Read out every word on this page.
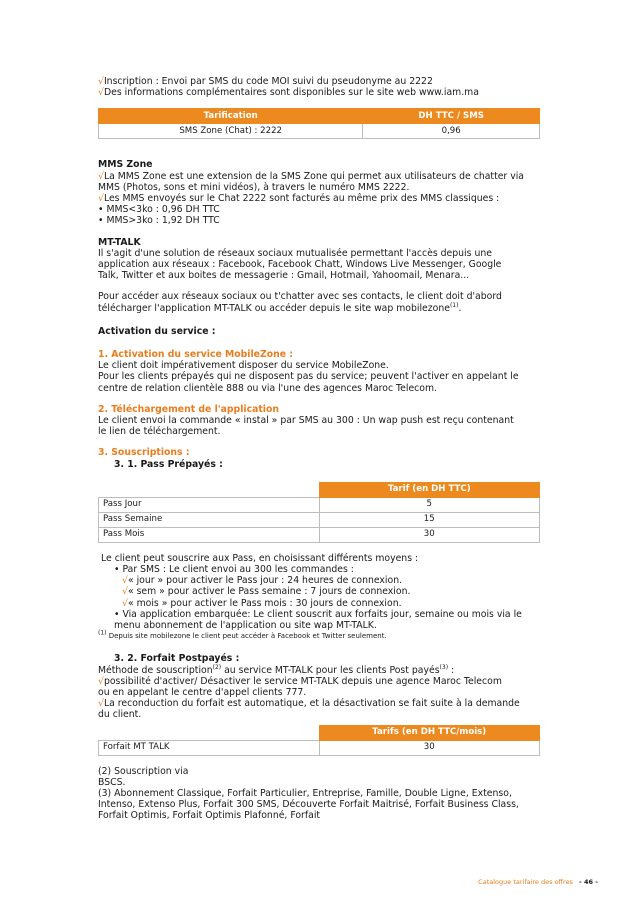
√Inscription : Envoi par SMS du code MOI suivi du pseudonyme au 2222
√Des informations complémentaires sont disponibles sur le site web www.iam.ma
Tarification	DH TTC / SMS
SMS Zone (Chat) : 2222	0,96
MMS Zone
√La MMS Zone est une extension de la SMS Zone qui permet aux utilisateurs de chatter via
MMS (Photos, sons et mini vidéos), à travers le numéro MMS 2222.
√Les MMS envoyés sur le Chat 2222 sont facturés au même prix des MMS classiques :
• MMS<3ko : 0,96 DH TTC
• MMS>3ko : 1,92 DH TTC
MT-TALK
Il s'agit d'une solution de réseaux sociaux mutualisée permettant l'accès depuis une
application aux réseaux : Facebook, Facebook Chatt, Windows Live Messenger, Google
Talk, Twitter et aux boites de messagerie : Gmail, Hotmail, Yahoomail, Menara...
Pour accéder aux réseaux sociaux ou t'chatter avec ses contacts, le client doit d'abord
télécharger l'application MT-TALK ou accéder depuis le site wap mobilezone$^{(1)}$.
Activation du service :
1. Activation du service MobileZone :
Le client doit impérativement disposer du service MobileZone.
Pour les clients prépayés qui ne disposent pas du service; peuvent l'activer en appelant le
centre de relation clientèle 888 ou via l'une des agences Maroc Telecom.
2. Téléchargement de l'application
Le client envoi la commande « instal » par SMS au 300 : Un wap push est reçu contenant
le lien de téléchargement.
3. Souscriptions :
3. 1. Pass Prépayés :
	Tarif (en DH TTC)
Pass Jour	5
Pass Semaine	15
Pass Mois	30
Le client peut souscrire aux Pass, en choisissant différents moyens :
• Par SMS : Le client envoi au 300 les commandes :
√« jour » pour activer le Pass jour : 24 heures de connexion.
√« sem » pour activer le Pass semaine : 7 jours de connexion.
√« mois » pour activer le Pass mois : 30 jours de connexion.
• Via application embarquée: Le client souscrit aux forfaits jour, semaine ou mois via le
menu abonnement de l'application ou site wap MT-TALK.
(1) Depuis site mobilezone le client peut accéder à Facebook et Twitter seulement.
3. 2. Forfait Postpayés :
Méthode de souscription$^{(2)}$ au service MT-TALK pour les clients Post payés$^{(3)}$ :
√possibilité d'activer/ Désactiver le service MT-TALK depuis une agence Maroc Telecom
ou en appelant le centre d'appel clients 777.
√La reconduction du forfait est automatique, et la désactivation se fait suite à la demande
du client.
	Tarifs (en DH TTC/mois)
Forfait MT TALK	30
(2) Souscription via
BSCS.
(3) Abonnement Classique, Forfait Particulier, Entreprise, Famille, Double Ligne, Extenso,
Intenso, Extenso Plus, Forfait 300 SMS, Découverte Forfait Maitrisé, Forfait Business Class,
Forfait Optimis, Forfait Optimis Plafonné, Forfait
Catalogue tarifaire des offres - 46 -
